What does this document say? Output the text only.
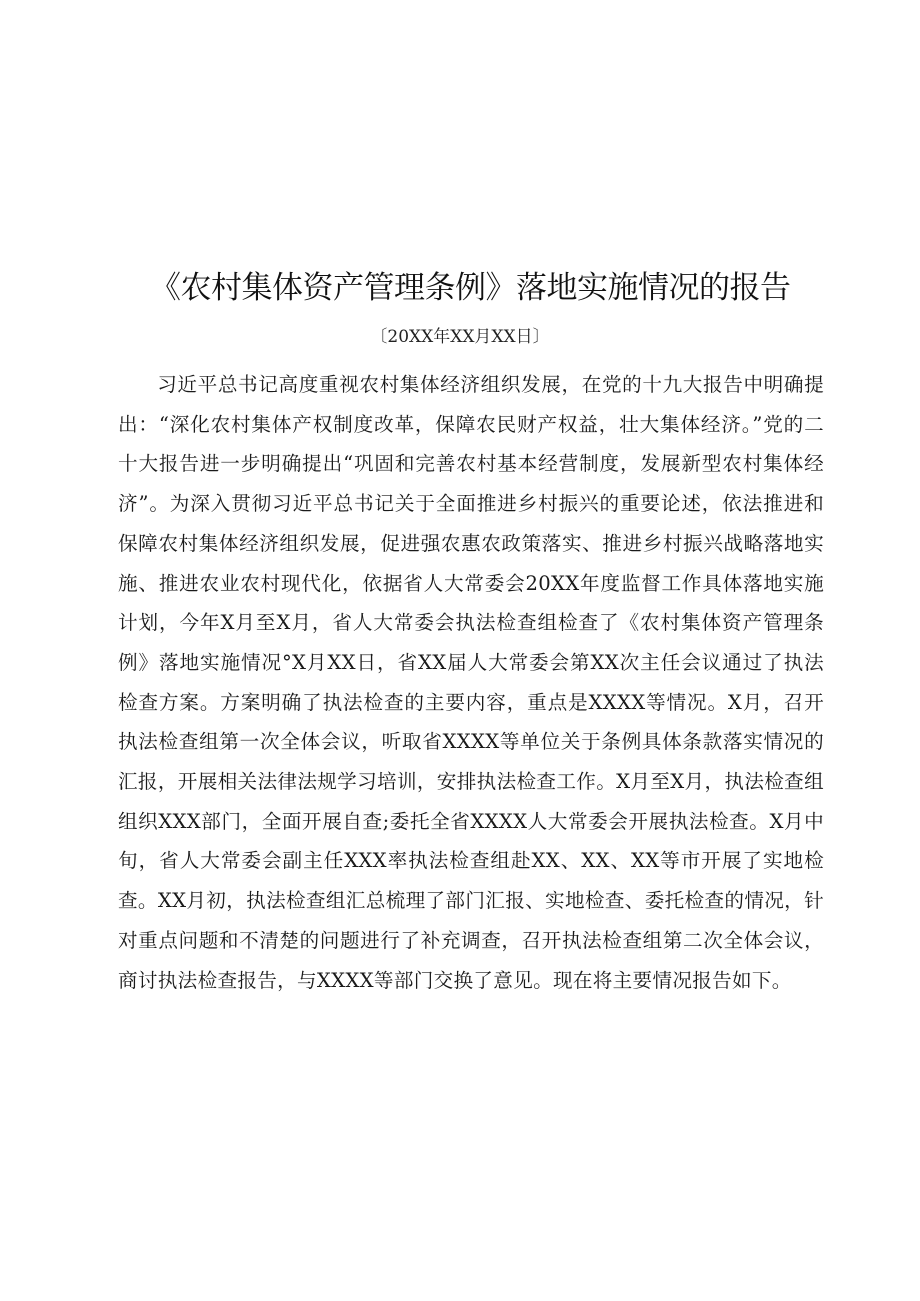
《农村集体资产管理条例》落地实施情况的报告

〔20XX年XX月XX日〕

习近平总书记高度重视农村集体经济组织发展，在党的十九大报告中明确提出：“深化农村集体产权制度改革，保障农民财产权益，壮大集体经济。”党的二十大报告进一步明确提出“巩固和完善农村基本经营制度，发展新型农村集体经济”。为深入贯彻习近平总书记关于全面推进乡村振兴的重要论述，依法推进和保障农村集体经济组织发展，促进强农惠农政策落实、推进乡村振兴战略落地实施、推进农业农村现代化，依据省人大常委会20XX年度监督工作具体落地实施计划，今年X月至X月，省人大常委会执法检查组检查了《农村集体资产管理条例》落地实施情况°X月XX日，省XX届人大常委会第XX次主任会议通过了执法检查方案。方案明确了执法检查的主要内容，重点是XXXX等情况。X月，召开执法检查组第一次全体会议，听取省XXXX等单位关于条例具体条款落实情况的汇报，开展相关法律法规学习培训，安排执法检查工作。X月至X月，执法检查组组织XXX部门，全面开展自查;委托全省XXXX人大常委会开展执法检查。X月中旬，省人大常委会副主任XXX率执法检查组赴XX、XX、XX等市开展了实地检查。XX月初，执法检查组汇总梳理了部门汇报、实地检查、委托检查的情况，针对重点问题和不清楚的问题进行了补充调查，召开执法检查组第二次全体会议，商讨执法检查报告，与XXXX等部门交换了意见。现在将主要情况报告如下。
